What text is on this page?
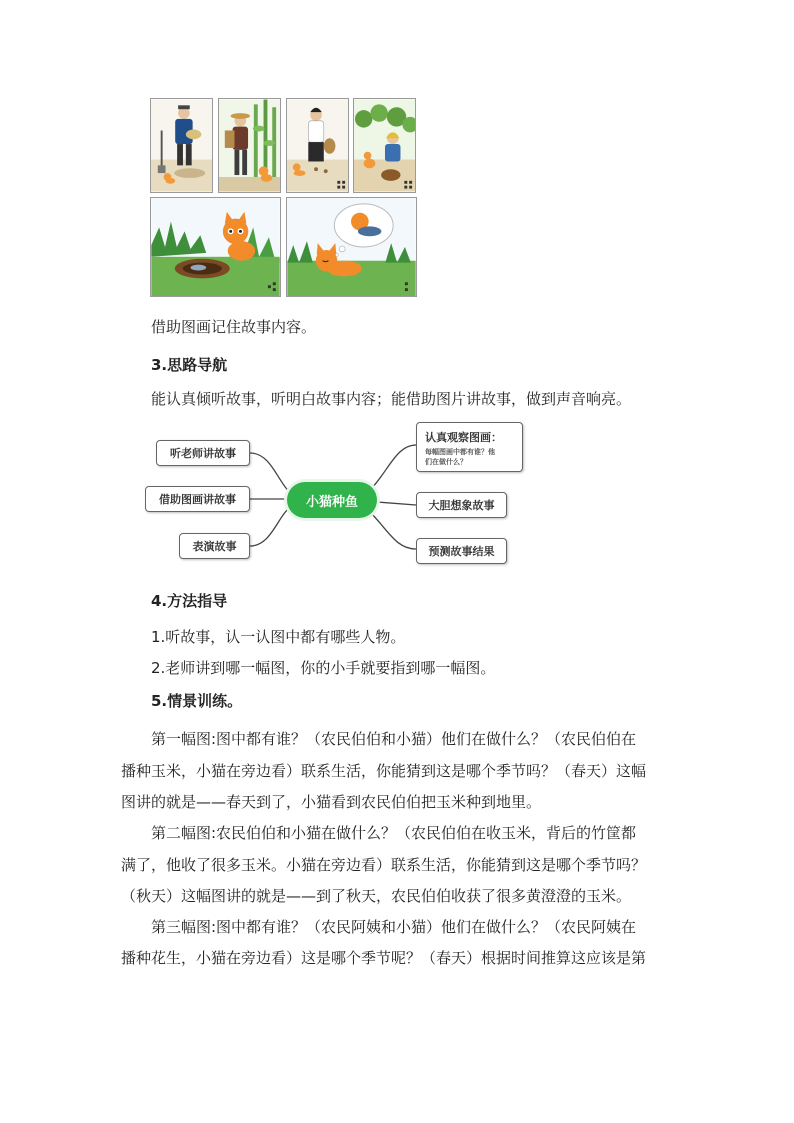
借助图画记住故事内容。
3.思路导航
能认真倾听故事，听明白故事内容；能借助图片讲故事，做到声音响亮。
听老师讲故事
借助图画讲故事
表演故事
小猫种鱼
认真观察图画：
每幅图画中都有谁？他
们在做什么？
大胆想象故事
预测故事结果
4.方法指导
1.听故事，认一认图中都有哪些人物。
2.老师讲到哪一幅图，你的小手就要指到哪一幅图。
5.情景训练。
第一幅图:图中都有谁？（农民伯伯和小猫）他们在做什么？（农民伯伯在
播种玉米，小猫在旁边看）联系生活，你能猜到这是哪个季节吗？（春天）这幅
图讲的就是——春天到了，小猫看到农民伯伯把玉米种到地里。
第二幅图:农民伯伯和小猫在做什么？（农民伯伯在收玉米，背后的竹筐都
满了，他收了很多玉米。小猫在旁边看）联系生活，你能猜到这是哪个季节吗？
（秋天）这幅图讲的就是——到了秋天，农民伯伯收获了很多黄澄澄的玉米。
第三幅图:图中都有谁？（农民阿姨和小猫）他们在做什么？（农民阿姨在
播种花生，小猫在旁边看）这是哪个季节呢？（春天）根据时间推算这应该是第
